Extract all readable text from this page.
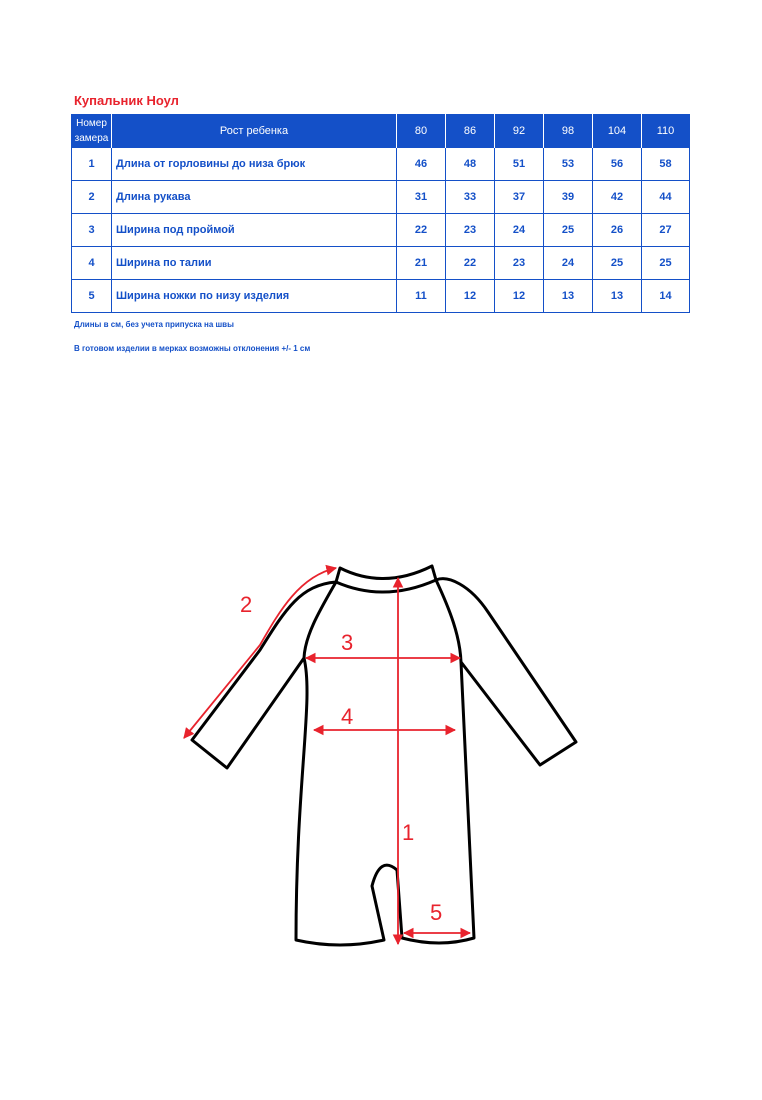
Купальник Ноул
Номер замера	Рост ребенка	80	86	92	98	104	110
1	Длина от горловины до низа брюк	46	48	51	53	56	58
2	Длина рукава	31	33	37	39	42	44
3	Ширина под проймой	22	23	24	25	26	27
4	Ширина по талии	21	22	23	24	25	25
5	Ширина ножки по низу изделия	11	12	12	13	13	14
Длины в см, без учета припуска на швы
В готовом изделии в мерках возможны отклонения +/- 1 см
1
2
3
4
5
